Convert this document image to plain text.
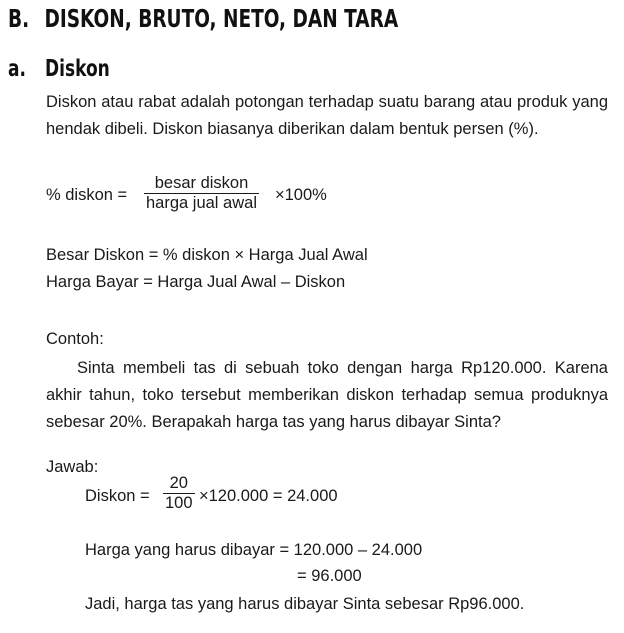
B. DISKON, BRUTO, NETO, DAN TARA
a. Diskon
Diskon atau rabat adalah potongan terhadap suatu barang atau produk yang hendak dibeli. Diskon biasanya diberikan dalam bentuk persen (%).
% diskon =
besar diskon
harga jual awal ×100%
Besar Diskon = % diskon × Harga Jual Awal
Harga Bayar = Harga Jual Awal – Diskon
Contoh:
Sinta membeli tas di sebuah toko dengan harga Rp120.000. Karena akhir tahun, toko tersebut memberikan diskon terhadap semua produknya sebesar 20%. Berapakah harga tas yang harus dibayar Sinta?
Jawab:
Diskon =
20
100 ×120.000 = 24.000
Harga yang harus dibayar = 120.000 – 24.000
= 96.000
Jadi, harga tas yang harus dibayar Sinta sebesar Rp96.000.
